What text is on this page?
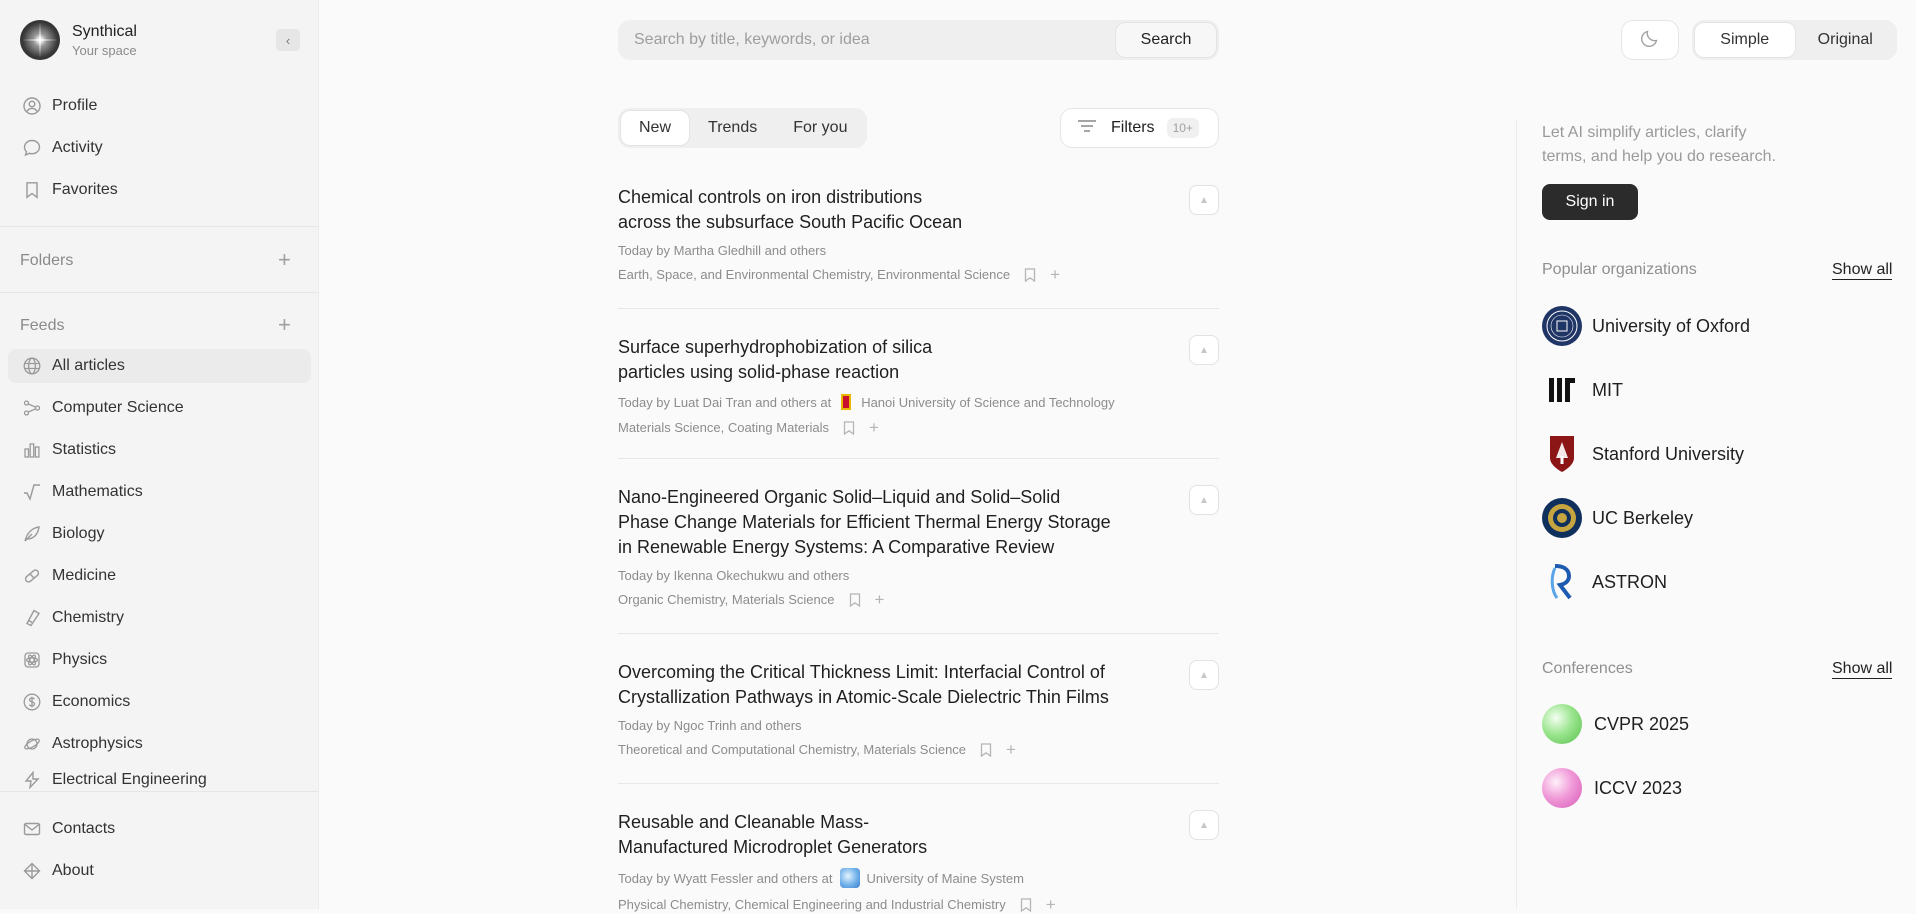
Synthical
Your space
‹
Profile
Activity
Favorites
Folders	+
Feeds	+
All articles
Computer Science
Statistics
Mathematics
Biology
Medicine
Chemistry
Physics
Economics
Astrophysics
Electrical Engineering
Contacts
About
Search by title, keywords, or idea
Search
New	Trends	For you	Filters	10+
Chemical controls on iron distributions
across the subsurface South Pacific Ocean
Today by Martha Gledhill and others
Earth, Space, and Environmental Chemistry, Environmental Science +
▲
Surface superhydrophobization of silica
particles using solid-phase reaction
Today by Luat Dai Tran and others at Hanoi University of Science and Technology
Materials Science, Coating Materials +
▲
Nano-Engineered Organic Solid–Liquid and Solid–Solid
Phase Change Materials for Efficient Thermal Energy Storage
in Renewable Energy Systems: A Comparative Review
Today by Ikenna Okechukwu and others
Organic Chemistry, Materials Science +
▲
Overcoming the Critical Thickness Limit: Interfacial Control of
Crystallization Pathways in Atomic-Scale Dielectric Thin Films
Today by Ngoc Trinh and others
Theoretical and Computational Chemistry, Materials Science +
▲
Reusable and Cleanable Mass-
Manufactured Microdroplet Generators
Today by Wyatt Fessler and others at	University of Maine System
Physical Chemistry, Chemical Engineering and Industrial Chemistry +
▲
Simple	Original
Let AI simplify articles, clarify terms, and help you do research.
Sign in
Popular organizations	Show all
University of Oxford
MIT
Stanford University
UC Berkeley
ASTRON
Conferences	Show all
CVPR 2025
ICCV 2023
